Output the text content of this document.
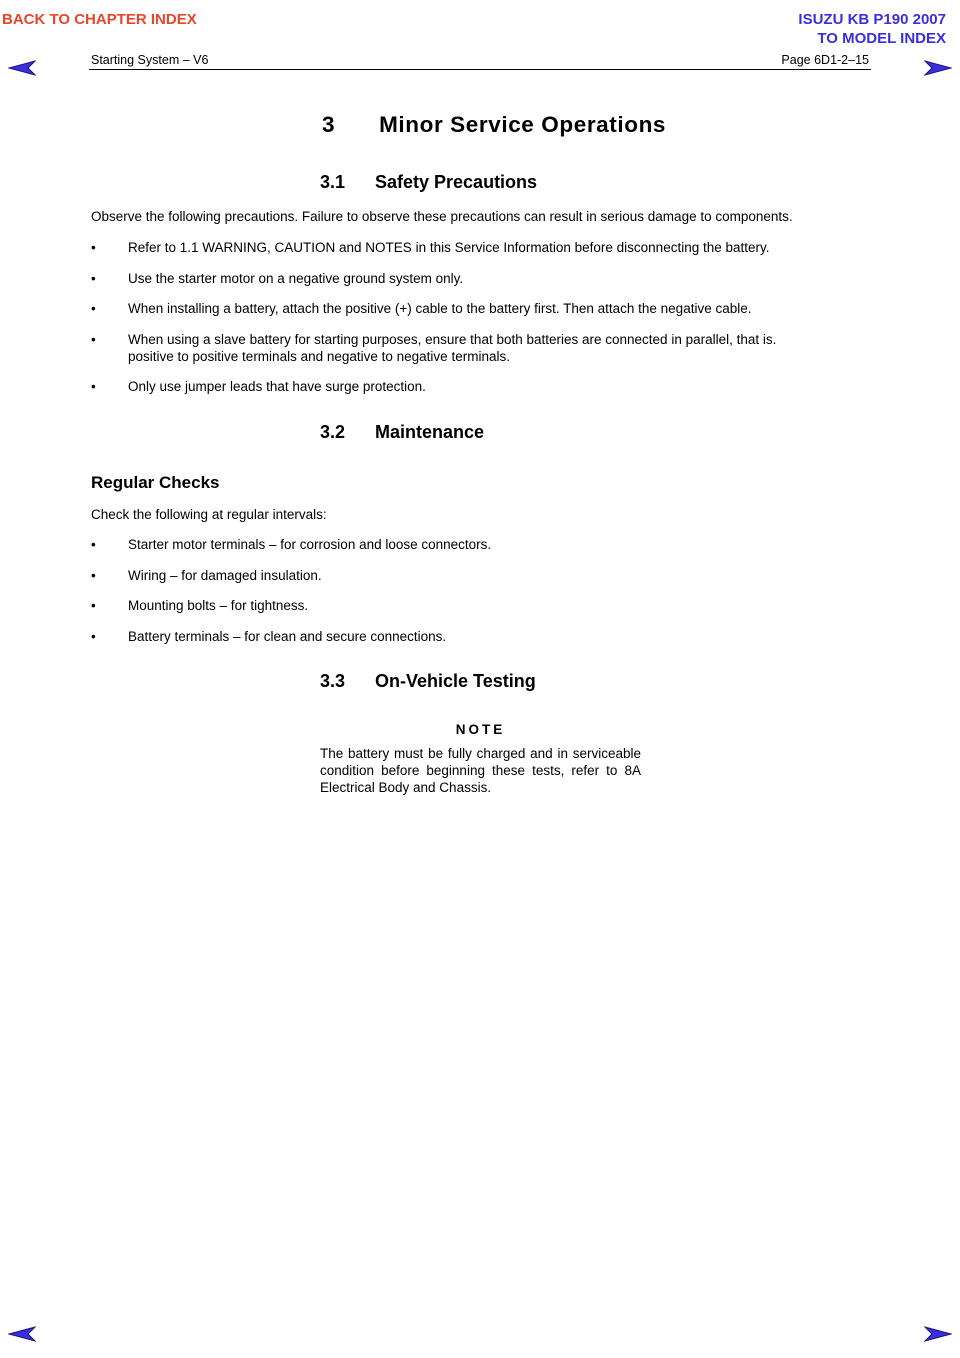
BACK TO CHAPTER INDEX	ISUZU KB P190 2007
TO MODEL INDEX
Starting System – V6	Page 6D1-2–15
3 Minor Service Operations
3.1 Safety Precautions
Observe the following precautions. Failure to observe these precautions can result in serious damage to components.
• Refer to 1.1 WARNING, CAUTION and NOTES in this Service Information before disconnecting the battery.
• Use the starter motor on a negative ground system only.
• When installing a battery, attach the positive (+) cable to the battery first. Then attach the negative cable.
• When using a slave battery for starting purposes, ensure that both batteries are connected in parallel, that is.
positive to positive terminals and negative to negative terminals.
• Only use jumper leads that have surge protection.
3.2 Maintenance
Regular Checks
Check the following at regular intervals:
• Starter motor terminals – for corrosion and loose connectors.
• Wiring – for damaged insulation.
• Mounting bolts – for tightness.
• Battery terminals – for clean and secure connections.
3.3 On-Vehicle Testing
NOTE
The battery must be fully charged and in serviceable condition before beginning these tests, refer to 8A Electrical Body and Chassis.
